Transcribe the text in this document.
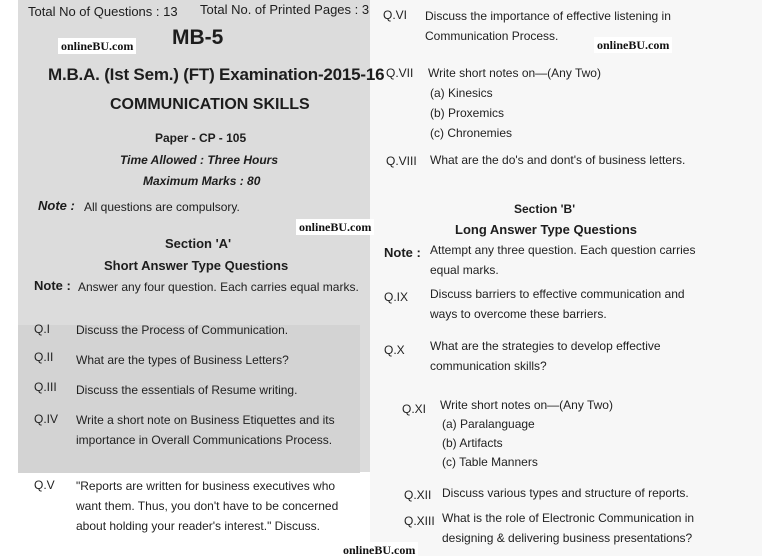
Total No of Questions : 13 Total No. of Printed Pages : 3
onlineBU.com	onlineBU.com
onlineBU.com
onlineBU.com
MB-5
M.B.A. (Ist Sem.) (FT) Examination-2015-16
COMMUNICATION SKILLS
Paper - CP - 105
Time Allowed : Three Hours
Maximum Marks : 80
Note : All questions are compulsory.
Section 'A'
Short Answer Type Questions
Note : Answer any four question. Each carries equal marks.
Q.I Discuss the Process of Communication.
Q.II What are the types of Business Letters?
Q.III Discuss the essentials of Resume writing.
Q.IV Write a short note on Business Etiquettes and its importance in Overall Communications Process.
Q.V "Reports are written for business executives who want them. Thus, you don't have to be concerned about holding your reader's interest." Discuss.
Q.VI Discuss the importance of effective listening in Communication Process.
Q.VII Write short notes on—(Any Two)
(a) Kinesics
(b) Proxemics
(c) Chronemies
Q.VIII What are the do's and dont's of business letters.
Section 'B'
Long Answer Type Questions
Note : Attempt any three question. Each question carries equal marks.
Q.IX Discuss barriers to effective communication and ways to overcome these barriers.
Q.X What are the strategies to develop effective communication skills?
Q.XI Write short notes on—(Any Two)
(a) Paralanguage
(b) Artifacts
(c) Table Manners
Q.XII Discuss various types and structure of reports.
Q.XIII What is the role of Electronic Communication in designing & delivering business presentations?
